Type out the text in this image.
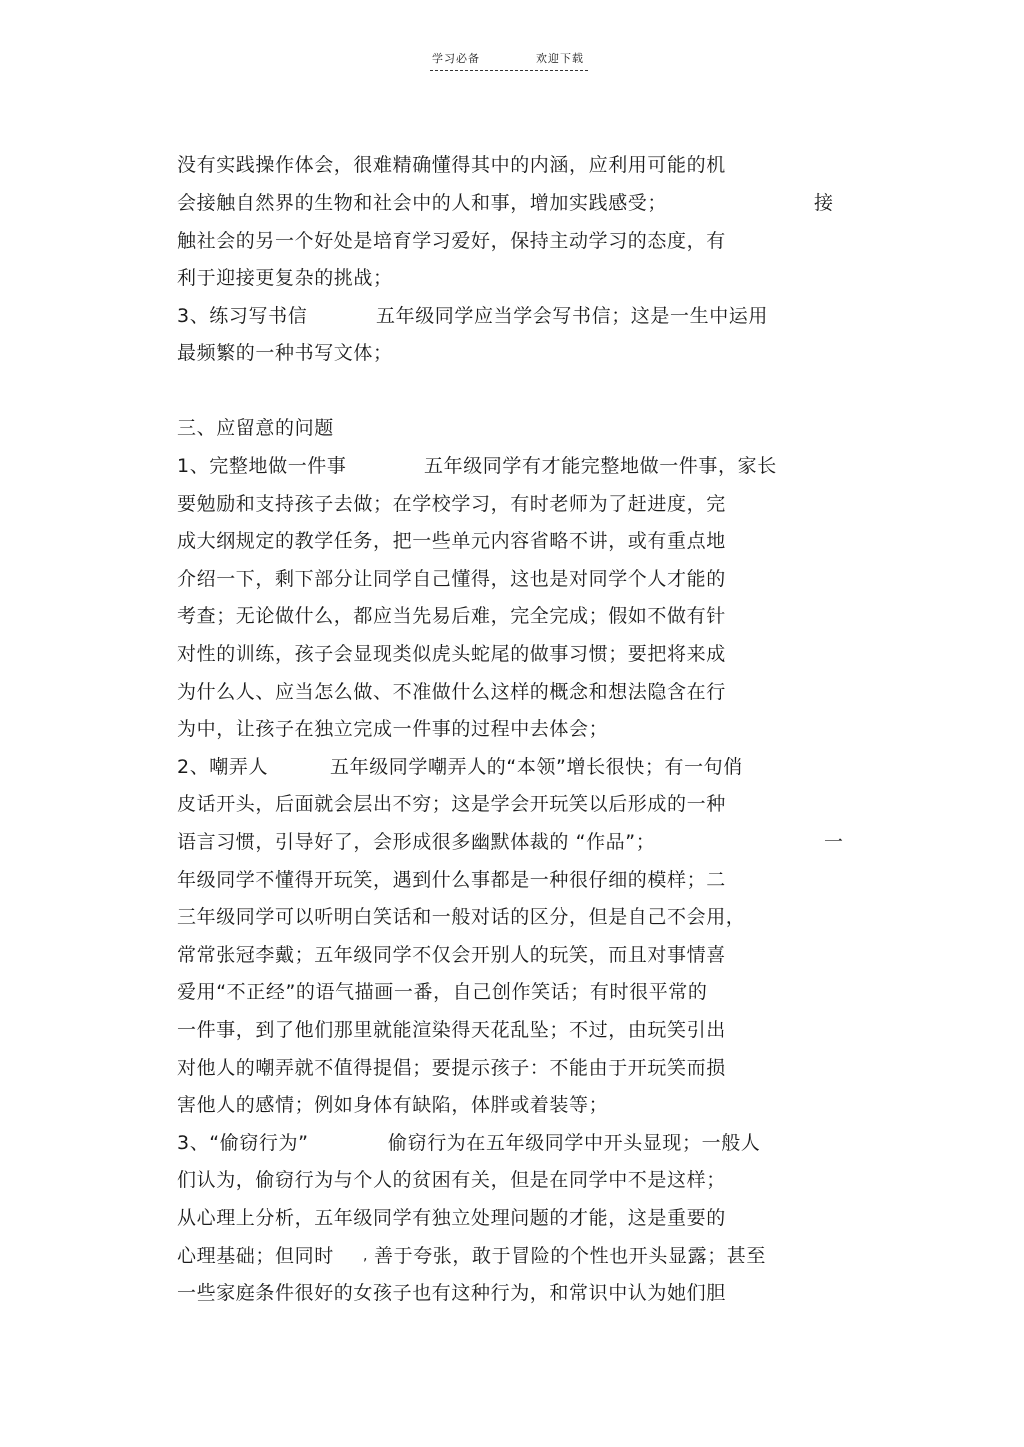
学习必备	欢迎下载
没有实践操作体会，很难精确懂得其中的内涵，应利用可能的机
会接触自然界的生物和社会中的人和事，增加实践感受；	接
触社会的另一个好处是培育学习爱好，保持主动学习的态度，有
利于迎接更复杂的挑战；
3、练习写书信	五年级同学应当学会写书信；这是一生中运用
最频繁的一种书写文体；
三、应留意的问题
1、完整地做一件事	五年级同学有才能完整地做一件事，家长
要勉励和支持孩子去做；在学校学习，有时老师为了赶进度，完
成大纲规定的教学任务，把一些单元内容省略不讲，或有重点地
介绍一下，剩下部分让同学自己懂得，这也是对同学个人才能的
考查；无论做什么，都应当先易后难，完全完成；假如不做有针
对性的训练，孩子会显现类似虎头蛇尾的做事习惯；要把将来成
为什么人、应当怎么做、不准做什么这样的概念和想法隐含在行
为中，让孩子在独立完成一件事的过程中去体会；
2、嘲弄人	五年级同学嘲弄人的“本领”增长很快；有一句俏
皮话开头，后面就会层出不穷；这是学会开玩笑以后形成的一种
语言习惯，引导好了，会形成很多幽默体裁的 “作品”；	一
年级同学不懂得开玩笑，遇到什么事都是一种很仔细的模样；二
三年级同学可以听明白笑话和一般对话的区分，但是自己不会用，
常常张冠李戴；五年级同学不仅会开别人的玩笑，而且对事情喜
爱用“不正经”的语气描画一番，自己创作笑话；有时很平常的
一件事，到了他们那里就能渲染得天花乱坠；不过，由玩笑引出
对他人的嘲弄就不值得提倡；要提示孩子：不能由于开玩笑而损
害他人的感情；例如身体有缺陷，体胖或着装等；
3、“偷窃行为”	偷窃行为在五年级同学中开头显现；一般人
们认为，偷窃行为与个人的贫困有关，但是在同学中不是这样；
从心理上分析，五年级同学有独立处理问题的才能，这是重要的
心理基础；但同时 , 善于夸张，敢于冒险的个性也开头显露；甚至
一些家庭条件很好的女孩子也有这种行为，和常识中认为她们胆
